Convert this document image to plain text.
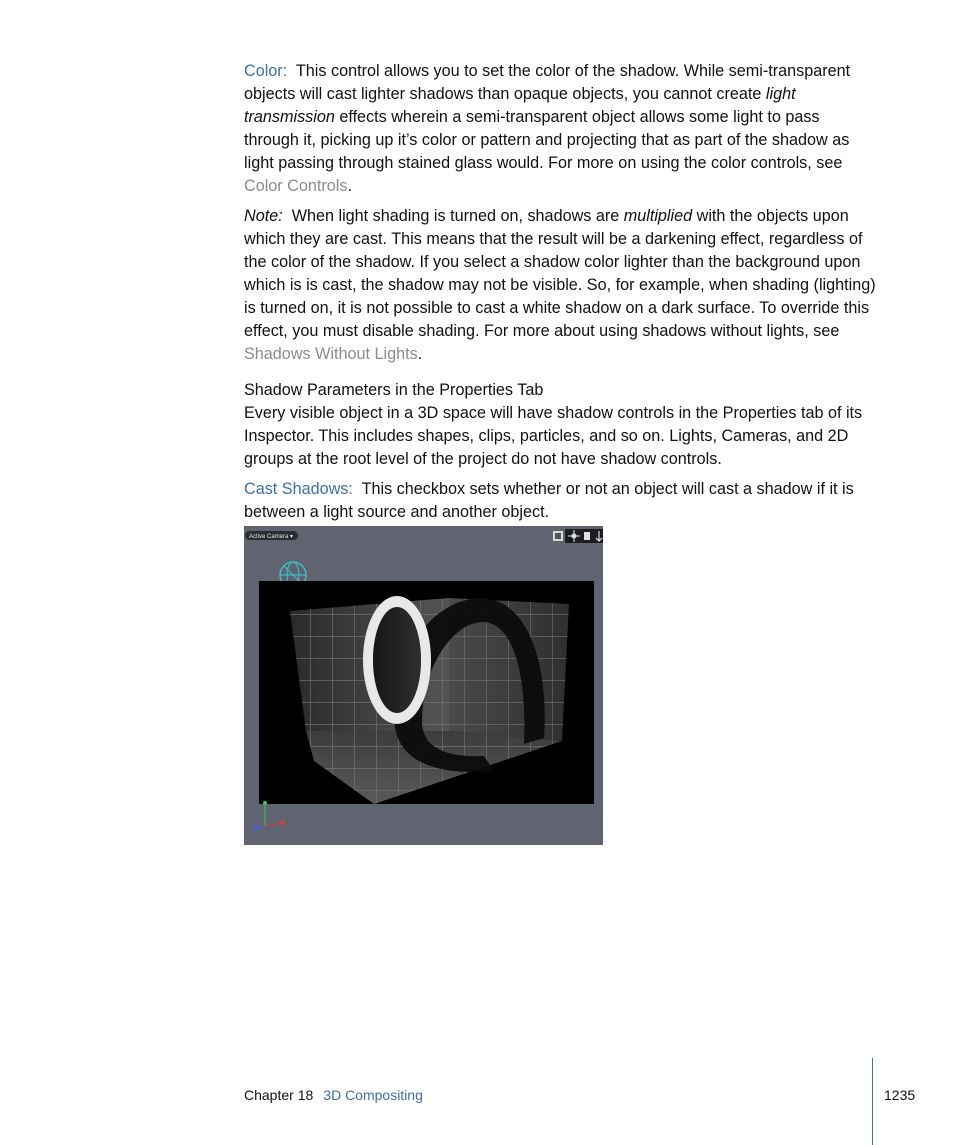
Color: This control allows you to set the color of the shadow. While semi-transparent objects will cast lighter shadows than opaque objects, you cannot create light transmission effects wherein a semi-transparent object allows some light to pass through it, picking up it’s color or pattern and projecting that as part of the shadow as light passing through stained glass would. For more on using the color controls, see Color Controls.

Note: When light shading is turned on, shadows are multiplied with the objects upon which they are cast. This means that the result will be a darkening effect, regardless of the color of the shadow. If you select a shadow color lighter than the background upon which is is cast, the shadow may not be visible. So, for example, when shading (lighting) is turned on, it is not possible to cast a white shadow on a dark surface. To override this effect, you must disable shading. For more about using shadows without lights, see Shadows Without Lights.

Shadow Parameters in the Properties Tab

Every visible object in a 3D space will have shadow controls in the Properties tab of its Inspector. This includes shapes, clips, particles, and so on. Lights, Cameras, and 2D groups at the root level of the project do not have shadow controls.

Cast Shadows: This checkbox sets whether or not an object will cast a shadow if it is between a light source and another object.

Active Camera ▾
Chapter 18 3D Compositing	1235
